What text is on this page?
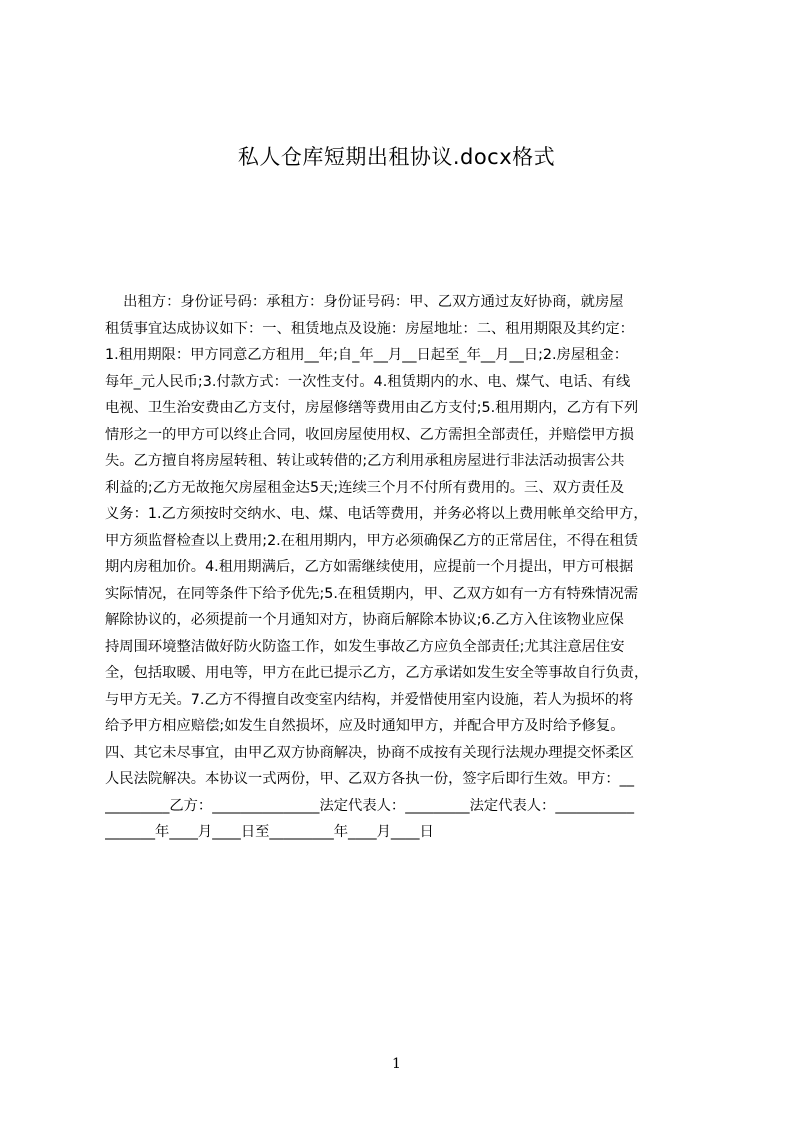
私人仓库短期出租协议.docx格式
出租方：身份证号码：承租方：身份证号码：甲、乙双方通过友好协商，就房屋
租赁事宜达成协议如下：一、租赁地点及设施：房屋地址：二、租用期限及其约定：
1.租用期限：甲方同意乙方租用__年;自_年__月__日起至_年__月__日;2.房屋租金：
每年_元人民币;3.付款方式：一次性支付。4.租赁期内的水、电、煤气、电话、有线
电视、卫生治安费由乙方支付，房屋修缮等费用由乙方支付;5.租用期内，乙方有下列
情形之一的甲方可以终止合同，收回房屋使用权、乙方需担全部责任，并赔偿甲方损
失。乙方擅自将房屋转租、转让或转借的;乙方利用承租房屋进行非法活动损害公共
利益的;乙方无故拖欠房屋租金达5天;连续三个月不付所有费用的。三、双方责任及
义务：1.乙方须按时交纳水、电、煤、电话等费用，并务必将以上费用帐单交给甲方，
甲方须监督检查以上费用;2.在租用期内，甲方必须确保乙方的正常居住，不得在租赁
期内房租加价。4.租用期满后，乙方如需继续使用，应提前一个月提出，甲方可根据
实际情况，在同等条件下给予优先;5.在租赁期内，甲、乙双方如有一方有特殊情况需
解除协议的，必须提前一个月通知对方，协商后解除本协议;6.乙方入住该物业应保
持周围环境整洁做好防火防盗工作，如发生事故乙方应负全部责任;尤其注意居住安
全，包括取暖、用电等，甲方在此已提示乙方，乙方承诺如发生安全等事故自行负责，
与甲方无关。7.乙方不得擅自改变室内结构，并爱惜使用室内设施，若人为损坏的将
给予甲方相应赔偿;如发生自然损坏，应及时通知甲方，并配合甲方及时给予修复。
四、其它未尽事宜，由甲乙双方协商解决，协商不成按有关现行法规办理提交怀柔区
人民法院解决。本协议一式两份，甲、乙双方各执一份，签字后即行生效。甲方：__
_________乙方：_______________法定代表人：_________法定代表人：___________
_______年____月____日至_________年____月____日
1
